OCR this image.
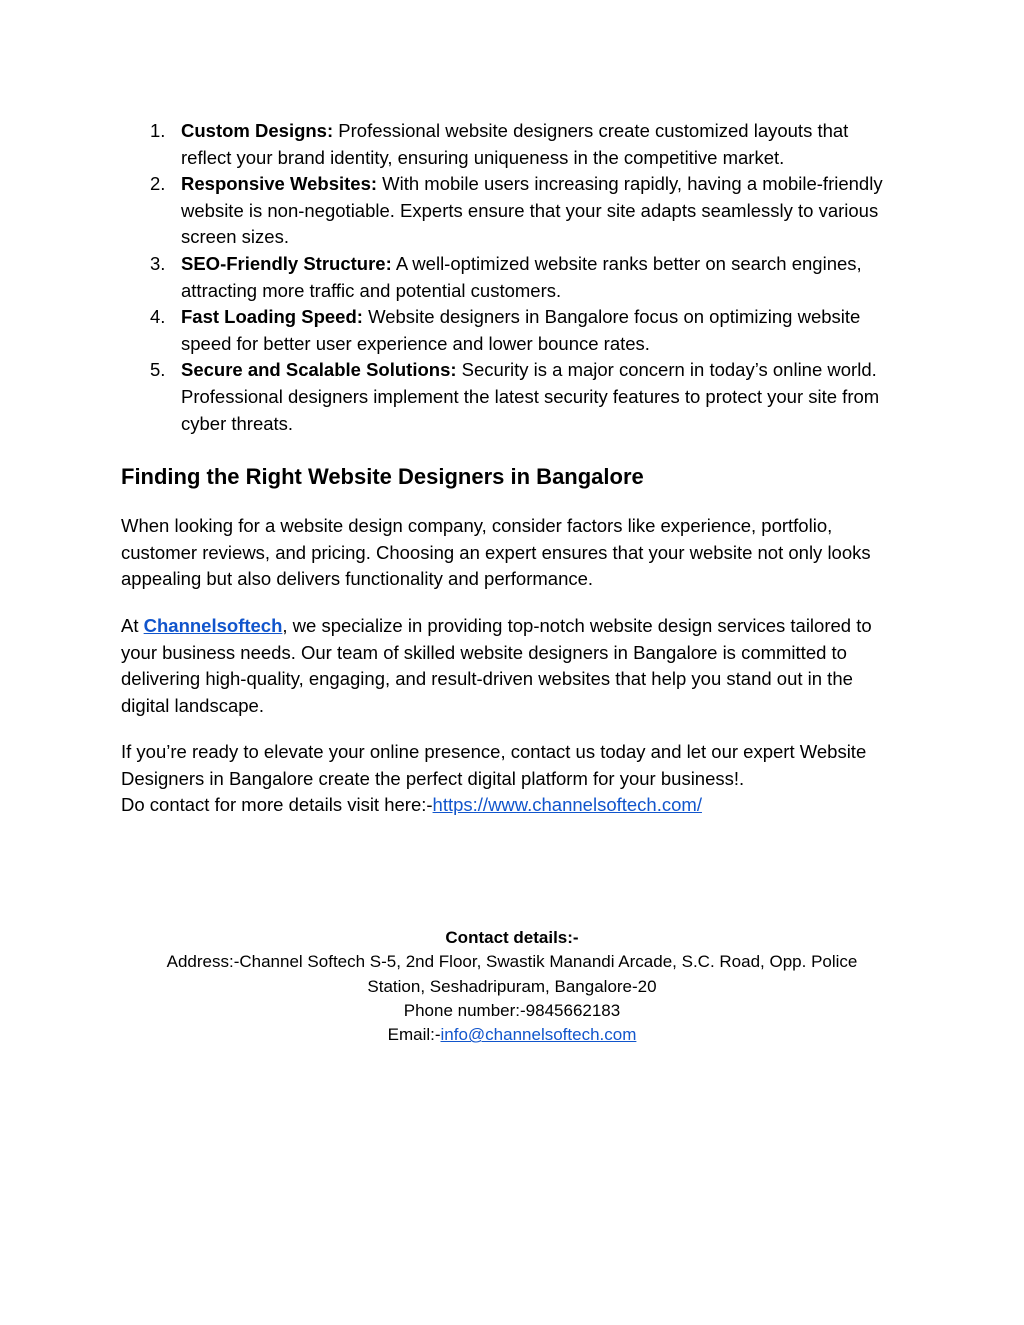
1. Custom Designs: Professional website designers create customized layouts that reflect your brand identity, ensuring uniqueness in the competitive market.
2. Responsive Websites: With mobile users increasing rapidly, having a mobile-friendly website is non-negotiable. Experts ensure that your site adapts seamlessly to various screen sizes.
3. SEO-Friendly Structure: A well-optimized website ranks better on search engines, attracting more traffic and potential customers.
4. Fast Loading Speed: Website designers in Bangalore focus on optimizing website speed for better user experience and lower bounce rates.
5. Secure and Scalable Solutions: Security is a major concern in today’s online world. Professional designers implement the latest security features to protect your site from cyber threats.
Finding the Right Website Designers in Bangalore

When looking for a website design company, consider factors like experience, portfolio, customer reviews, and pricing. Choosing an expert ensures that your website not only looks appealing but also delivers functionality and performance.

At Channelsoftech, we specialize in providing top-notch website design services tailored to your business needs. Our team of skilled website designers in Bangalore is committed to delivering high-quality, engaging, and result-driven websites that help you stand out in the digital landscape.

If you’re ready to elevate your online presence, contact us today and let our expert Website Designers in Bangalore create the perfect digital platform for your business!.
Do contact for more details visit here:-https://www.channelsoftech.com/

Contact details:-
Address:-Channel Softech S-5, 2nd Floor, Swastik Manandi Arcade, S.C. Road, Opp. Police
Station, Seshadripuram, Bangalore-20
Phone number:-9845662183
Email:-info@channelsoftech.com
